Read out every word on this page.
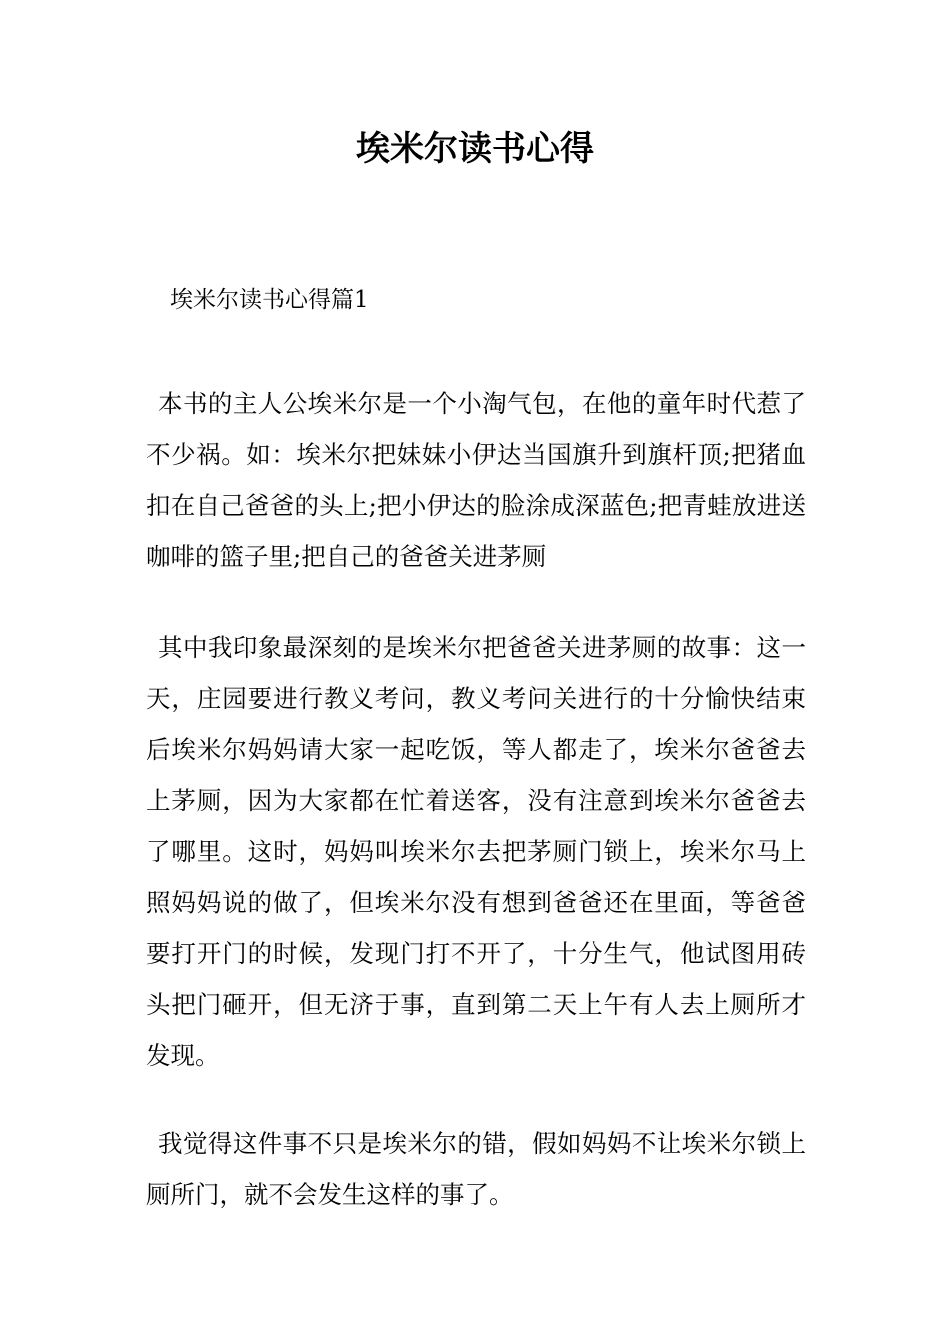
埃米尔读书心得

埃米尔读书心得篇1

本书的主人公埃米尔是一个小淘气包，在他的童年时代惹了不少祸。如：埃米尔把妹妹小伊达当国旗升到旗杆顶;把猪血扣在自己爸爸的头上;把小伊达的脸涂成深蓝色;把青蛙放进送咖啡的篮子里;把自己的爸爸关进茅厕

其中我印象最深刻的是埃米尔把爸爸关进茅厕的故事：这一天，庄园要进行教义考问，教义考问关进行的十分愉快结束后埃米尔妈妈请大家一起吃饭，等人都走了，埃米尔爸爸去上茅厕，因为大家都在忙着送客，没有注意到埃米尔爸爸去了哪里。这时，妈妈叫埃米尔去把茅厕门锁上，埃米尔马上照妈妈说的做了，但埃米尔没有想到爸爸还在里面，等爸爸要打开门的时候，发现门打不开了，十分生气，他试图用砖头把门砸开，但无济于事，直到第二天上午有人去上厕所才发现。

我觉得这件事不只是埃米尔的错，假如妈妈不让埃米尔锁上厕所门，就不会发生这样的事了。
